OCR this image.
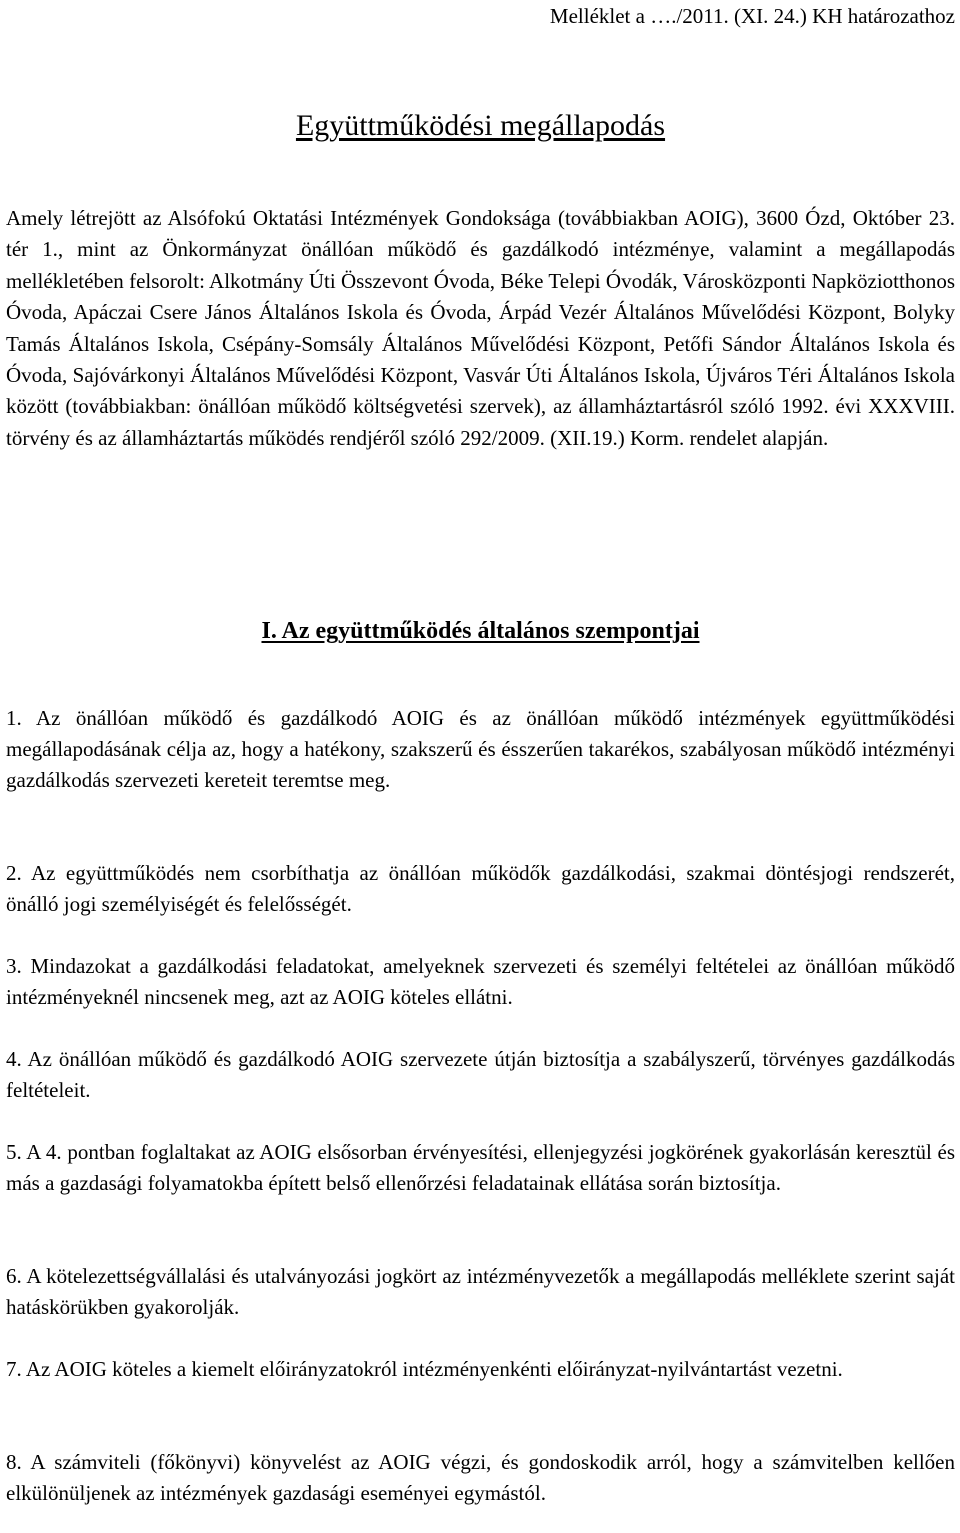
Melléklet a …./2011. (XI. 24.) KH határozathoz
Együttműködési megállapodás

Amely létrejött az Alsófokú Oktatási Intézmények Gondoksága (továbbiakban AOIG), 3600 Ózd, Október 23. tér 1., mint az Önkormányzat önállóan működő és gazdálkodó intézménye, valamint a megállapodás mellékletében felsorolt: Alkotmány Úti Összevont Óvoda, Béke Telepi Óvodák, Városközponti Napköziotthonos Óvoda, Apáczai Csere János Általános Iskola és Óvoda, Árpád Vezér Általános Művelődési Központ, Bolyky Tamás Általános Iskola, Csépány-Somsály Általános Művelődési Központ, Petőfi Sándor Általános Iskola és Óvoda, Sajóvárkonyi Általános Művelődési Központ, Vasvár Úti Általános Iskola, Újváros Téri Általános Iskola között (továbbiakban: önállóan működő költségvetési szervek), az államháztartásról szóló 1992. évi XXXVIII. törvény és az államháztartás működés rendjéről szóló 292/2009. (XII.19.) Korm. rendelet alapján.

I. Az együttműködés általános szempontjai

1. Az önállóan működő és gazdálkodó AOIG és az önállóan működő intézmények együttműködési megállapodásának célja az, hogy a hatékony, szakszerű és ésszerűen takarékos, szabályosan működő intézményi gazdálkodás szervezeti kereteit teremtse meg.

2. Az együttműködés nem csorbíthatja az önállóan működők gazdálkodási, szakmai döntésjogi rendszerét, önálló jogi személyiségét és felelősségét.

3. Mindazokat a gazdálkodási feladatokat, amelyeknek szervezeti és személyi feltételei az önállóan működő intézményeknél nincsenek meg, azt az AOIG köteles ellátni.

4. Az önállóan működő és gazdálkodó AOIG szervezete útján biztosítja a szabályszerű, törvényes gazdálkodás feltételeit.

5. A 4. pontban foglaltakat az AOIG elsősorban érvényesítési, ellenjegyzési jogkörének gyakorlásán keresztül és más a gazdasági folyamatokba épített belső ellenőrzési feladatainak ellátása során biztosítja.

6. A kötelezettségvállalási és utalványozási jogkört az intézményvezetők a megállapodás melléklete szerint saját hatáskörükben gyakorolják.

7. Az AOIG köteles a kiemelt előirányzatokról intézményenkénti előirányzat-nyilvántartást vezetni.

8. A számviteli (főkönyvi) könyvelést az AOIG végzi, és gondoskodik arról, hogy a számvitelben kellően elkülönüljenek az intézmények gazdasági eseményei egymástól.
